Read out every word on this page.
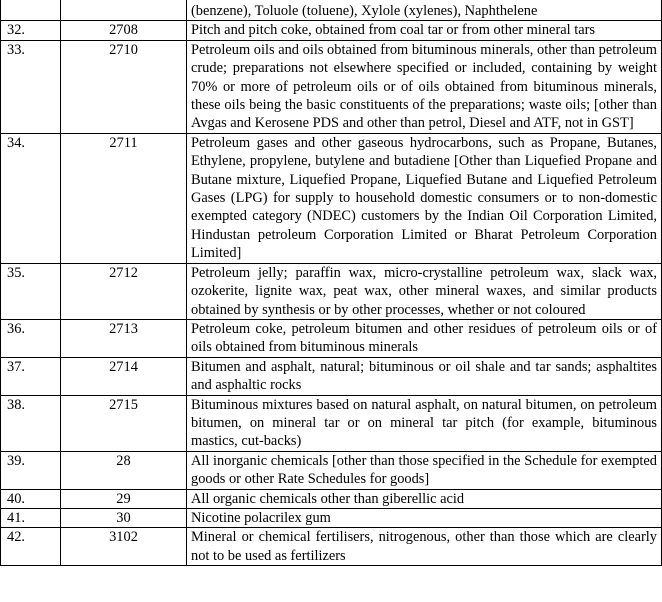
		(benzene), Toluole (toluene), Xylole (xylenes), Naphthelene

32.	2708	Pitch and pitch coke, obtained from coal tar or from other mineral tars
33.	2710	Petroleum oils and oils obtained from bituminous minerals, other than petroleum crude; preparations not elsewhere specified or included, containing by weight 70% or more of petroleum oils or of oils obtained from bituminous minerals, these oils being the basic constituents of the preparations; waste oils; [other than Avgas and Kerosene PDS and other than petrol, Diesel and ATF, not in GST]
34.	2711	Petroleum gases and other gaseous hydrocarbons, such as Propane, Butanes, Ethylene, propylene, butylene and butadiene [Other than Liquefied Propane and Butane mixture, Liquefied Propane, Liquefied Butane and Liquefied Petroleum Gases (LPG) for supply to household domestic consumers or to non-domestic exempted category (NDEC) customers by the Indian Oil Corporation Limited, Hindustan petroleum Corporation Limited or Bharat Petroleum Corporation Limited]
35.	2712	Petroleum jelly; paraffin wax, micro-crystalline petroleum wax, slack wax, ozokerite, lignite wax, peat wax, other mineral waxes, and similar products obtained by synthesis or by other processes, whether or not coloured
36.	2713	Petroleum coke, petroleum bitumen and other residues of petroleum oils or of oils obtained from bituminous minerals
37.	2714	Bitumen and asphalt, natural; bituminous or oil shale and tar sands; asphaltites and asphaltic rocks
38.	2715	Bituminous mixtures based on natural asphalt, on natural bitumen, on petroleum bitumen, on mineral tar or on mineral tar pitch (for example, bituminous mastics, cut-backs)
39.	28	All inorganic chemicals [other than those specified in the Schedule for exempted goods or other Rate Schedules for goods]
40.	29	All organic chemicals other than giberellic acid
41.	30	Nicotine polacrilex gum
42.	3102	Mineral or chemical fertilisers, nitrogenous, other than those which are clearly not to be used as fertilizers
